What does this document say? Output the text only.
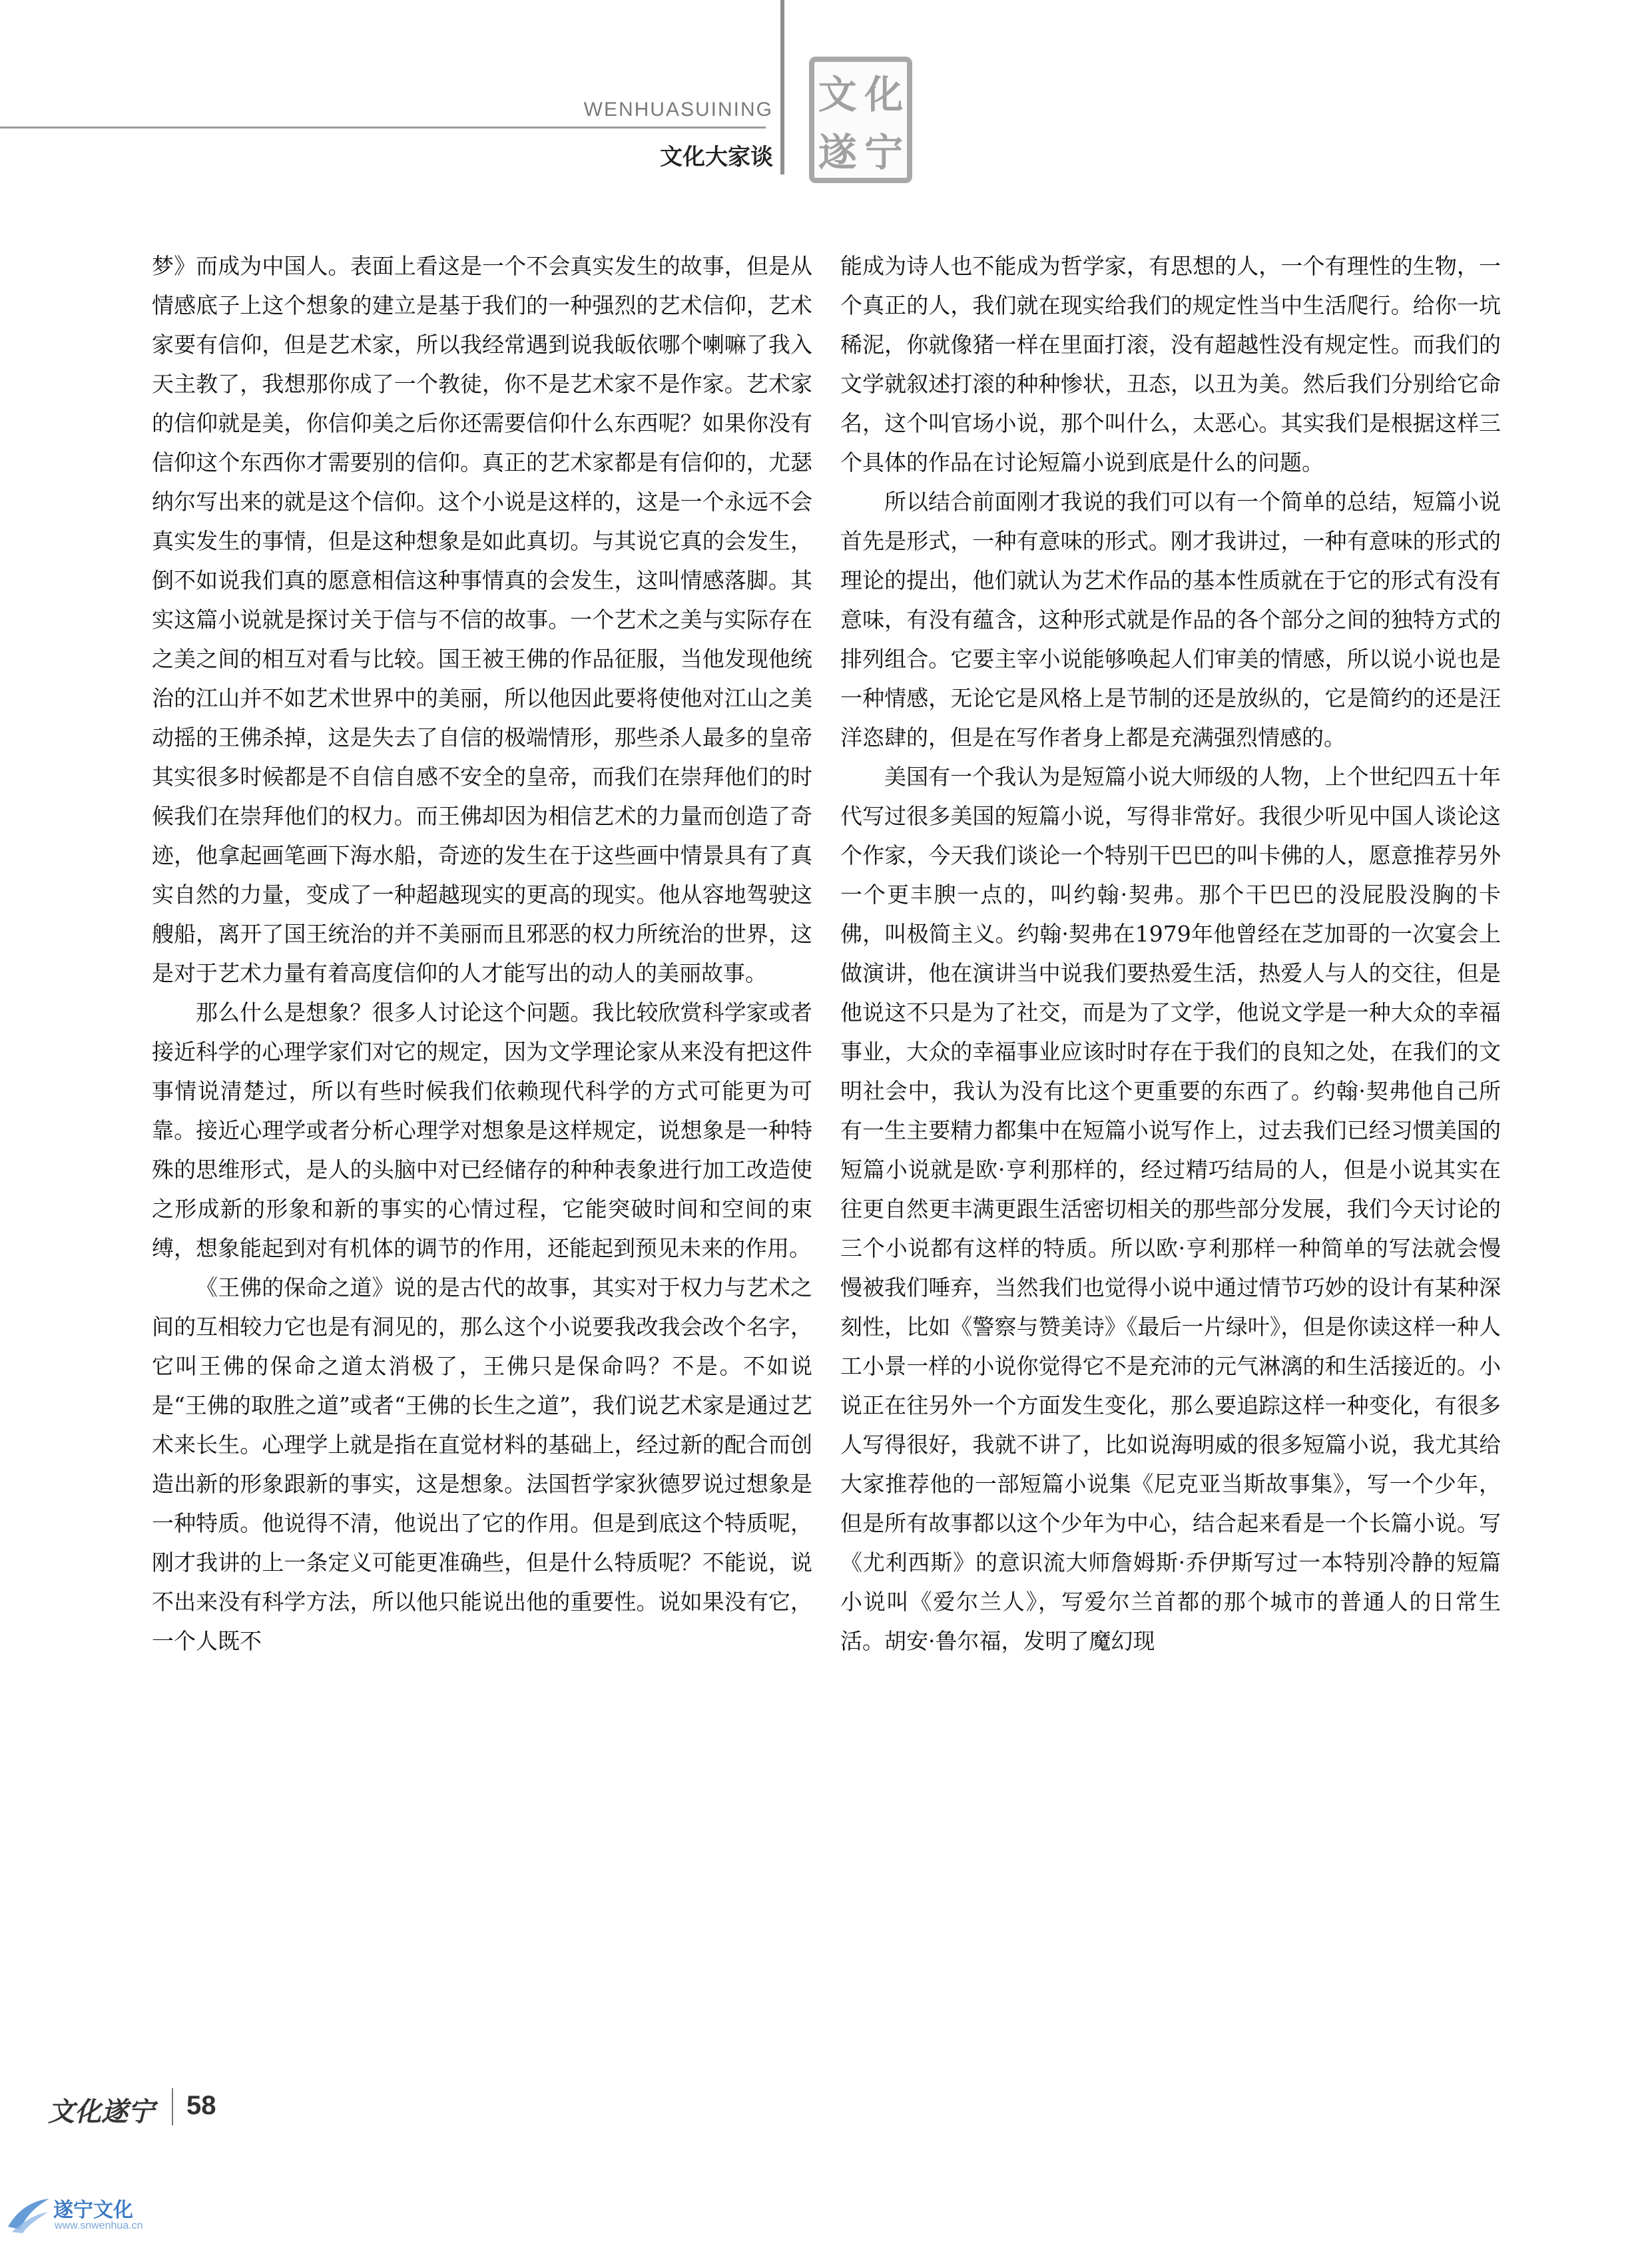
WENHUASUINING
文化大家谈
文 化
遂 宁

梦》而成为中国人。表面上看这是一个不会真实发生的故事，但是从情感底子上这个想象的建立是基于我们的一种强烈的艺术信仰，艺术家要有信仰，但是艺术家，所以我经常遇到说我皈依哪个喇嘛了我入天主教了，我想那你成了一个教徒，你不是艺术家不是作家。艺术家的信仰就是美，你信仰美之后你还需要信仰什么东西呢？如果你没有信仰这个东西你才需要别的信仰。真正的艺术家都是有信仰的，尤瑟纳尔写出来的就是这个信仰。这个小说是这样的，这是一个永远不会真实发生的事情，但是这种想象是如此真切。与其说它真的会发生，倒不如说我们真的愿意相信这种事情真的会发生，这叫情感落脚。其实这篇小说就是探讨关于信与不信的故事。一个艺术之美与实际存在之美之间的相互对看与比较。国王被王佛的作品征服，当他发现他统治的江山并不如艺术世界中的美丽，所以他因此要将使他对江山之美动摇的王佛杀掉，这是失去了自信的极端情形，那些杀人最多的皇帝其实很多时候都是不自信自感不安全的皇帝，而我们在崇拜他们的时候我们在崇拜他们的权力。而王佛却因为相信艺术的力量而创造了奇迹，他拿起画笔画下海水船，奇迹的发生在于这些画中情景具有了真实自然的力量，变成了一种超越现实的更高的现实。他从容地驾驶这艘船，离开了国王统治的并不美丽而且邪恶的权力所统治的世界，这是对于艺术力量有着高度信仰的人才能写出的动人的美丽故事。

那么什么是想象？很多人讨论这个问题。我比较欣赏科学家或者接近科学的心理学家们对它的规定，因为文学理论家从来没有把这件事情说清楚过，所以有些时候我们依赖现代科学的方式可能更为可靠。接近心理学或者分析心理学对想象是这样规定，说想象是一种特殊的思维形式，是人的头脑中对已经储存的种种表象进行加工改造使之形成新的形象和新的事实的心情过程，它能突破时间和空间的束缚，想象能起到对有机体的调节的作用，还能起到预见未来的作用。

《王佛的保命之道》说的是古代的故事，其实对于权力与艺术之间的互相较力它也是有洞见的，那么这个小说要我改我会改个名字，它叫王佛的保命之道太消极了，王佛只是保命吗？不是。不如说是“王佛的取胜之道”或者“王佛的长生之道”，我们说艺术家是通过艺术来长生。心理学上就是指在直觉材料的基础上，经过新的配合而创造出新的形象跟新的事实，这是想象。法国哲学家狄德罗说过想象是一种特质。他说得不清，他说出了它的作用。但是到底这个特质呢，刚才我讲的上一条定义可能更准确些，但是什么特质呢？不能说，说不出来没有科学方法，所以他只能说出他的重要性。说如果没有它，一个人既不

能成为诗人也不能成为哲学家，有思想的人，一个有理性的生物，一个真正的人，我们就在现实给我们的规定性当中生活爬行。给你一坑稀泥，你就像猪一样在里面打滚，没有超越性没有规定性。而我们的文学就叙述打滚的种种惨状，丑态，以丑为美。然后我们分别给它命名，这个叫官场小说，那个叫什么，太恶心。其实我们是根据这样三个具体的作品在讨论短篇小说到底是什么的问题。

所以结合前面刚才我说的我们可以有一个简单的总结，短篇小说首先是形式，一种有意味的形式。刚才我讲过，一种有意味的形式的理论的提出，他们就认为艺术作品的基本性质就在于它的形式有没有意味，有没有蕴含，这种形式就是作品的各个部分之间的独特方式的排列组合。它要主宰小说能够唤起人们审美的情感，所以说小说也是一种情感，无论它是风格上是节制的还是放纵的，它是简约的还是汪洋恣肆的，但是在写作者身上都是充满强烈情感的。

美国有一个我认为是短篇小说大师级的人物，上个世纪四五十年代写过很多美国的短篇小说，写得非常好。我很少听见中国人谈论这个作家，今天我们谈论一个特别干巴巴的叫卡佛的人，愿意推荐另外一个更丰腴一点的，叫约翰·契弗。那个干巴巴的没屁股没胸的卡佛，叫极简主义。约翰·契弗在1979年他曾经在芝加哥的一次宴会上做演讲，他在演讲当中说我们要热爱生活，热爱人与人的交往，但是他说这不只是为了社交，而是为了文学，他说文学是一种大众的幸福事业，大众的幸福事业应该时时存在于我们的良知之处，在我们的文明社会中，我认为没有比这个更重要的东西了。约翰·契弗他自己所有一生主要精力都集中在短篇小说写作上，过去我们已经习惯美国的短篇小说就是欧·亨利那样的，经过精巧结局的人，但是小说其实在往更自然更丰满更跟生活密切相关的那些部分发展，我们今天讨论的三个小说都有这样的特质。所以欧·亨利那样一种简单的写法就会慢慢被我们唾弃，当然我们也觉得小说中通过情节巧妙的设计有某种深刻性，比如《警察与赞美诗》《最后一片绿叶》，但是你读这样一种人工小景一样的小说你觉得它不是充沛的元气淋漓的和生活接近的。小说正在往另外一个方面发生变化，那么要追踪这样一种变化，有很多人写得很好，我就不讲了，比如说海明威的很多短篇小说，我尤其给大家推荐他的一部短篇小说集《尼克亚当斯故事集》，写一个少年，但是所有故事都以这个少年为中心，结合起来看是一个长篇小说。写《尤利西斯》的意识流大师詹姆斯·乔伊斯写过一本特别冷静的短篇小说叫《爱尔兰人》，写爱尔兰首都的那个城市的普通人的日常生活。胡安·鲁尔福，发明了魔幻现

文化遂宁 58
遂宁文化
www.snwenhua.cn
